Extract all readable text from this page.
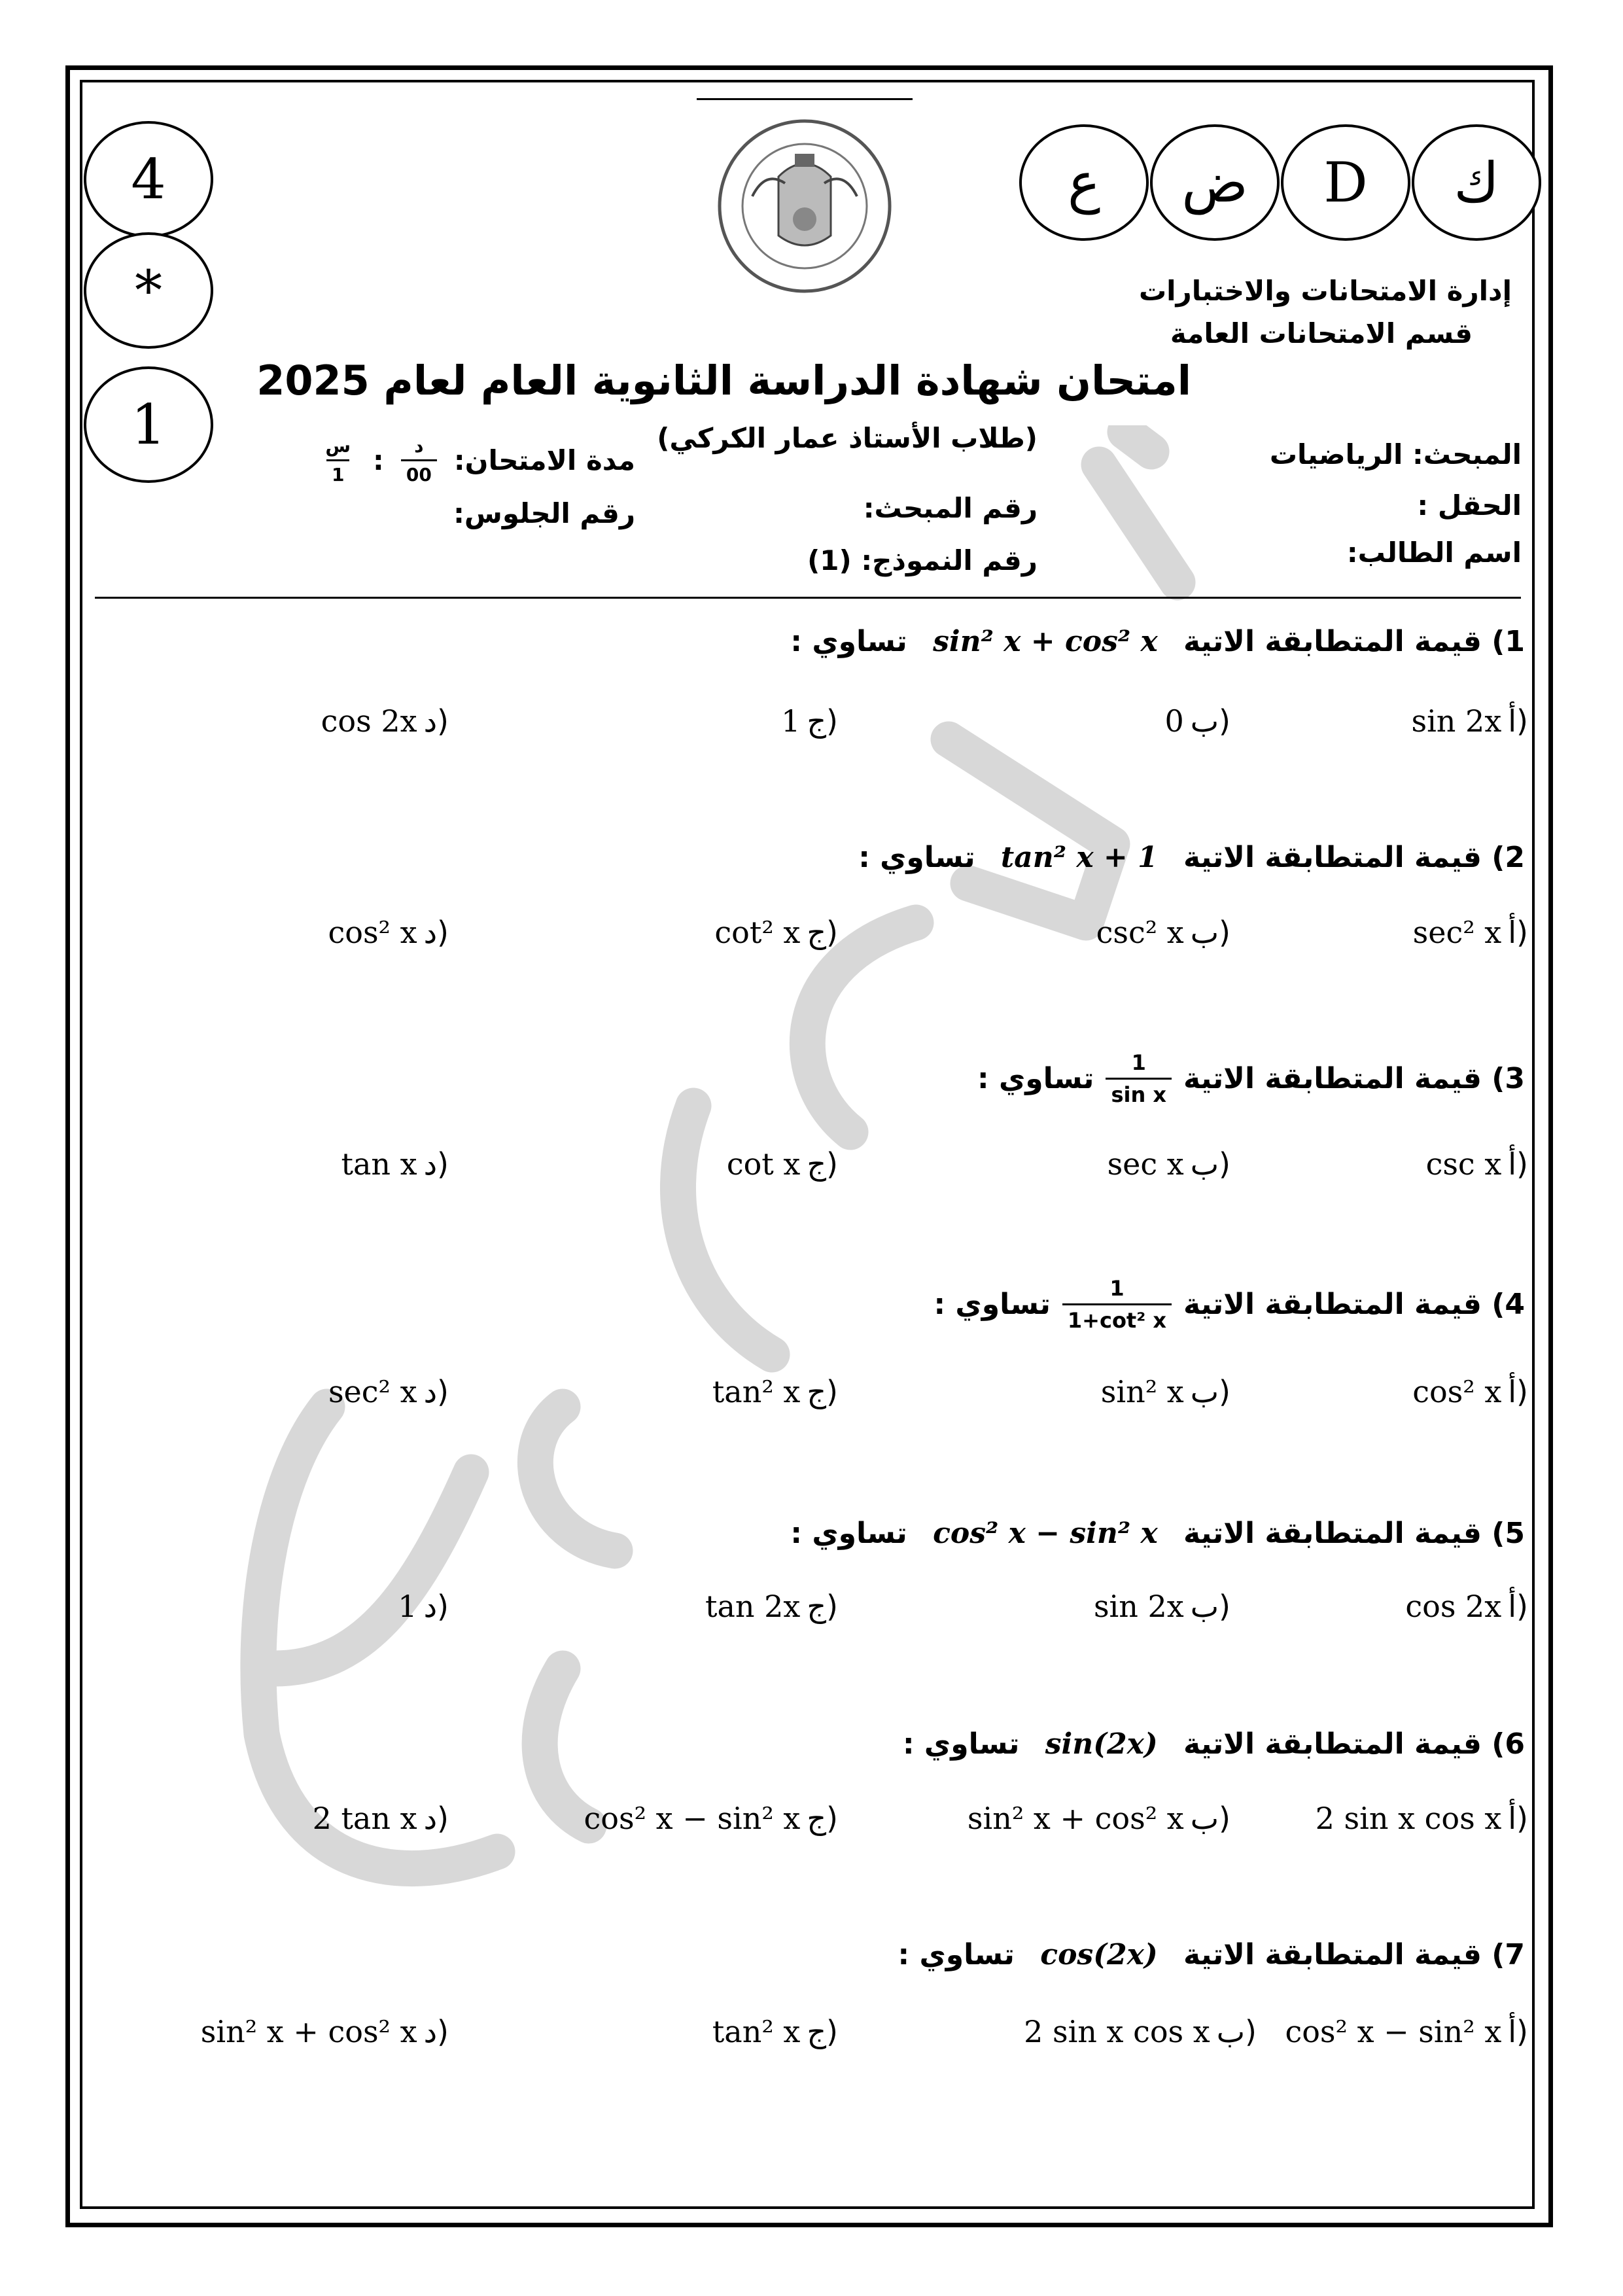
4
*
1
ك
D
ض
ع
إدارة الامتحانات والاختبارات
قسم الامتحانات العامة
امتحان شهادة الدراسة الثانوية العام لعام 2025
(طلاب الأستاذ عمار الكركي)
المبحث: الرياضيات
الحقل :
اسم الطالب:
رقم المبحث:
رقم النموذج: (1)
مدة الامتحان:
$\frac{\text{د}}{00}$
:
$\frac{\text{س}}{1}$
رقم الجلوس:
1) قيمة المتطابقة الاتية sin² x + cos² x تساوي :
(أsin 2x
(ب0
(ج1
(دcos 2x
2) قيمة المتطابقة الاتية tan² x + 1 تساوي :
(أsec² x
(بcsc² x
(جcot² x
(دcos² x
3)

قيمة المتطابقة الاتية
$\frac{1}{\text{sin x}}$
تساوي :
(أcsc x
(بsec x
(جcot x
(دtan x
4)

قيمة المتطابقة الاتية
$\frac{1}{\text{1+cot² x}}$
تساوي :
(أcos² x
(بsin² x
(جtan² x
(دsec² x
5) قيمة المتطابقة الاتية cos² x − sin² x تساوي :
(أcos 2x
(بsin 2x
(جtan 2x
(د1
6) قيمة المتطابقة الاتية sin(2x) تساوي :
(أ2 sin x cos x
(بsin² x + cos² x
(جcos² x − sin² x
(د2 tan x
7) قيمة المتطابقة الاتية cos(2x) تساوي :
(أcos² x − sin² x
(ب2 sin x cos x
(جtan² x
(دsin² x + cos² x
